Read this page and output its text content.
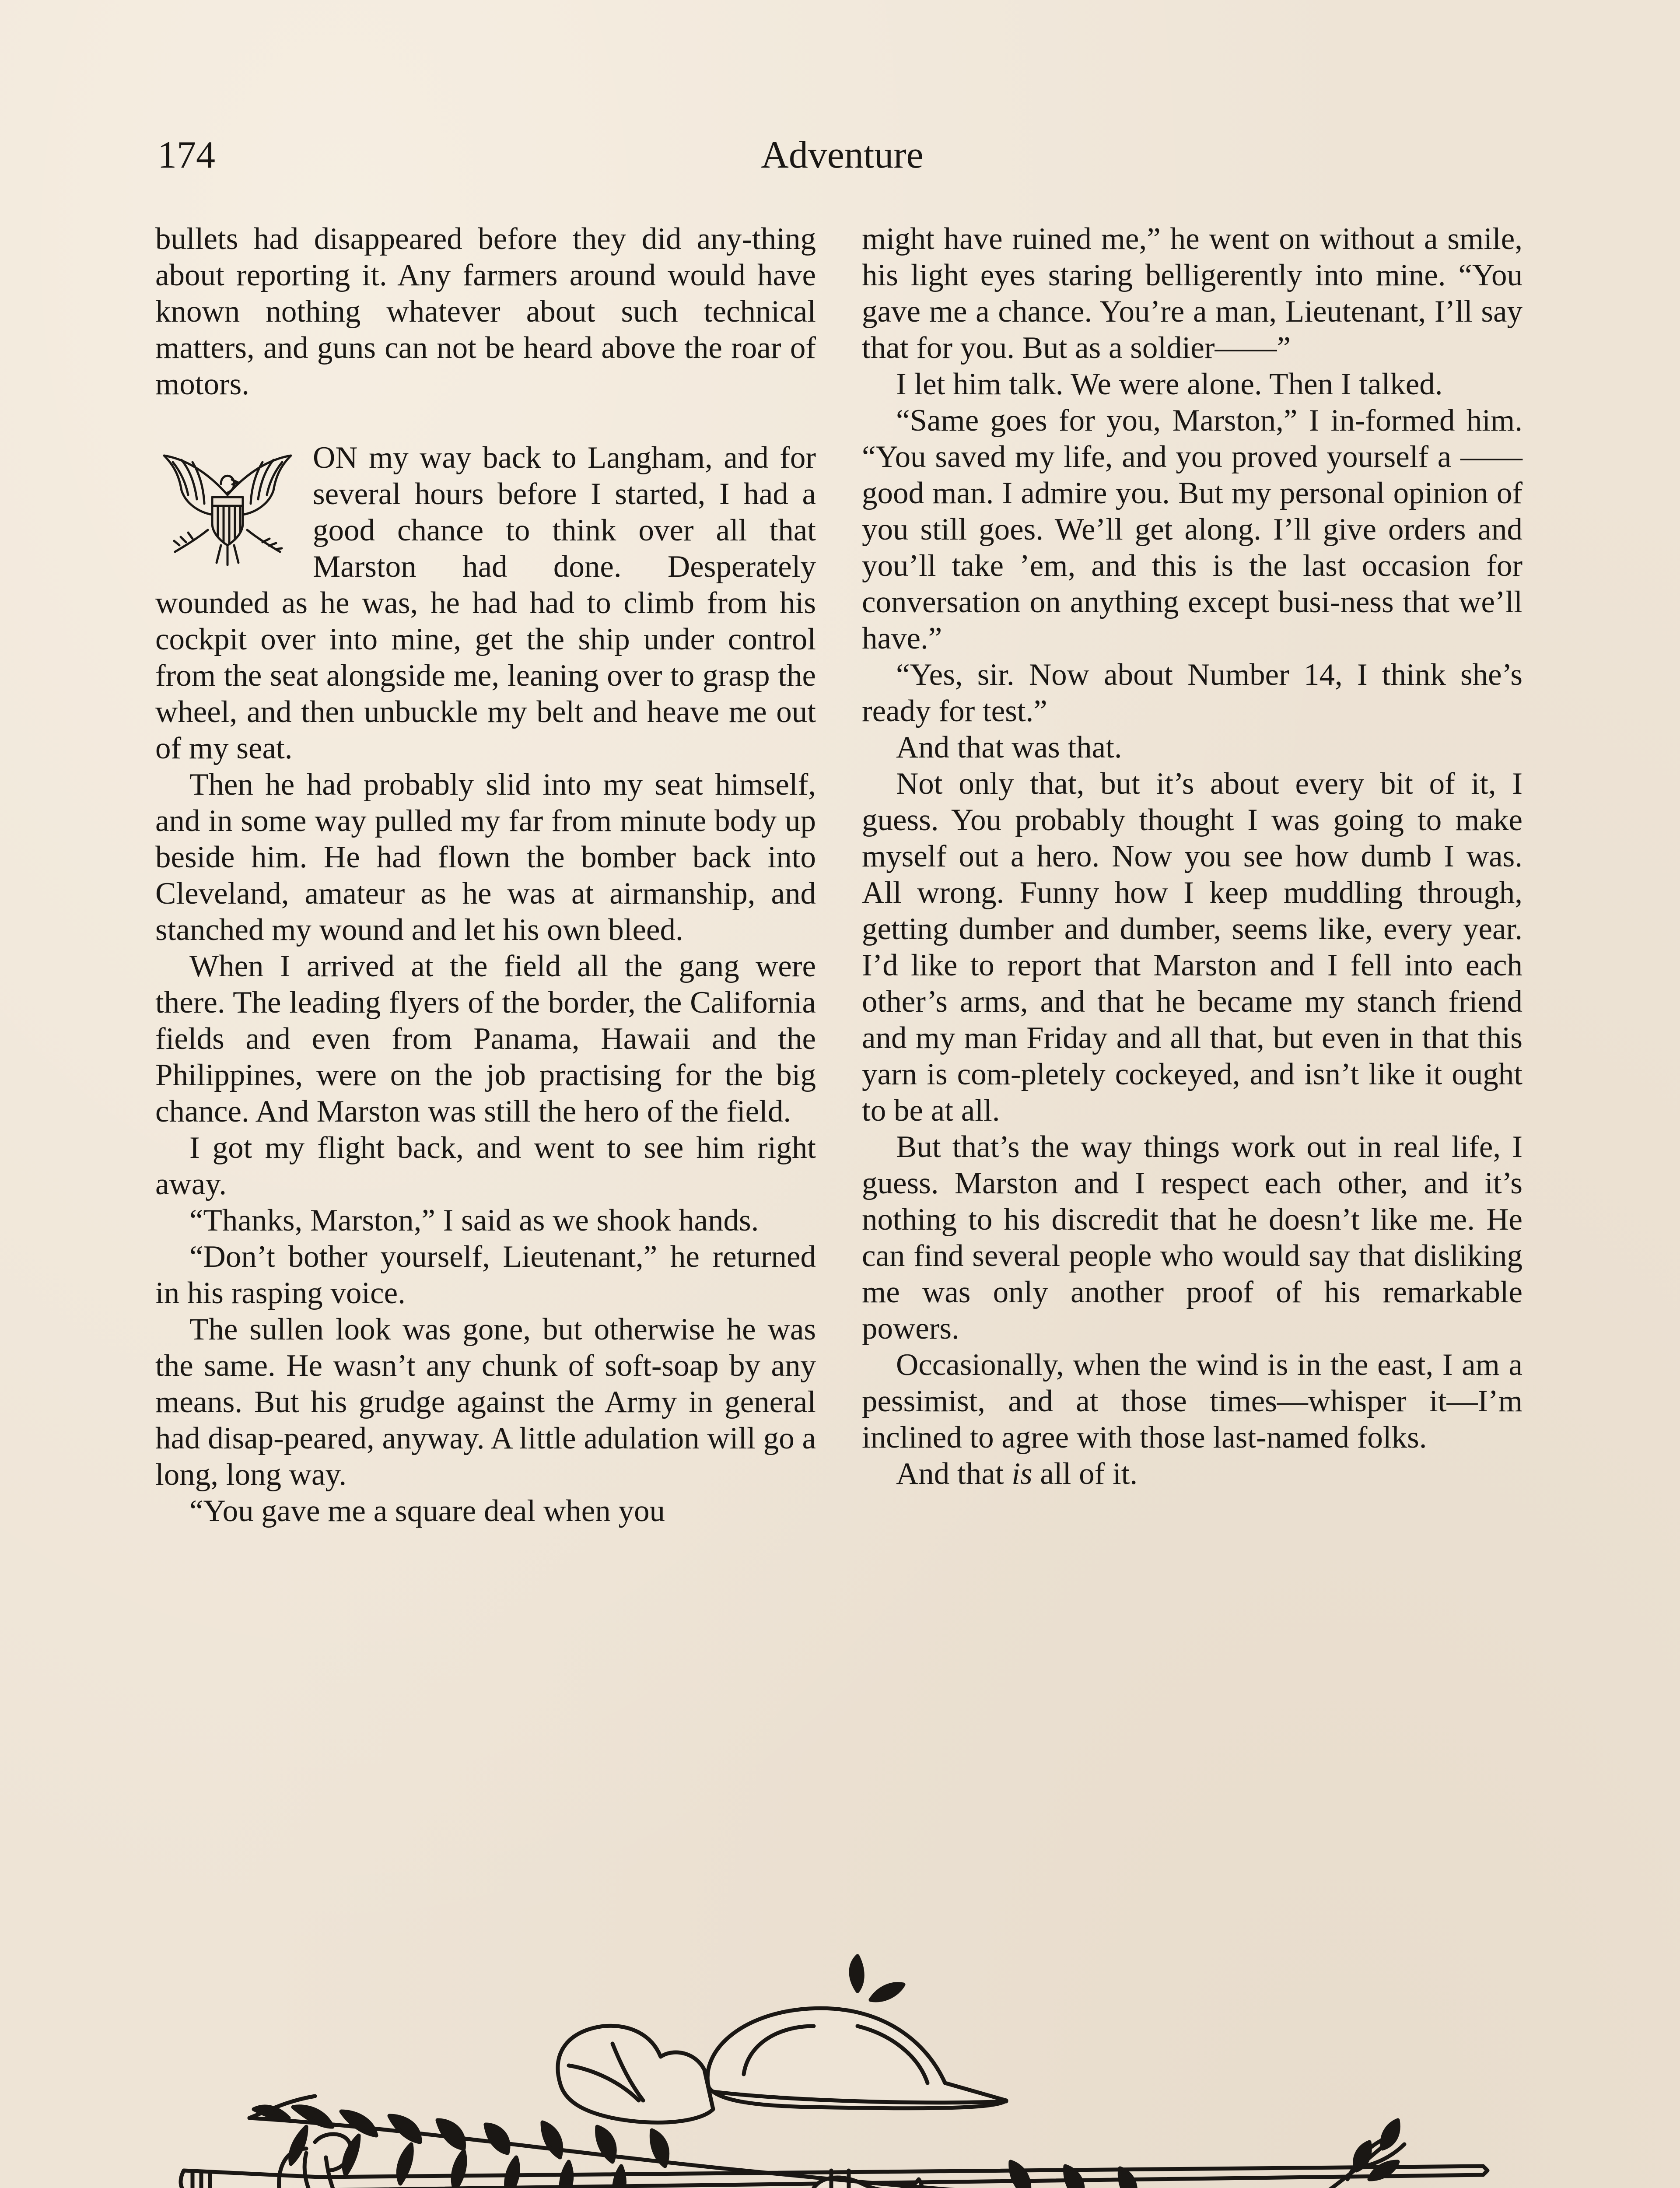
174	Adventure

bullets had disappeared before they did any-thing about reporting it. Any farmers around would have known nothing whatever about such technical matters, and guns can not be heard above the roar of motors.

ON my way back to Langham, and for several hours before I started, I had a good chance to think over all that Marston had done. Desperately wounded as he was, he had had to climb from his cockpit over into mine, get the ship under control from the seat alongside me, leaning over to grasp the wheel, and then unbuckle my belt and heave me out of my seat.

Then he had probably slid into my seat himself, and in some way pulled my far from minute body up beside him. He had flown the bomber back into Cleveland, amateur as he was at airmanship, and stanched my wound and let his own bleed.

When I arrived at the field all the gang were there. The leading flyers of the border, the California fields and even from Panama, Hawaii and the Philippines, were on the job practising for the big chance. And Marston was still the hero of the field.

I got my flight back, and went to see him right away.

“Thanks, Marston,” I said as we shook hands.

“Don’t bother yourself, Lieutenant,” he returned in his rasping voice.

The sullen look was gone, but otherwise he was the same. He wasn’t any chunk of soft-soap by any means. But his grudge against the Army in general had disap-peared, anyway. A little adulation will go a long, long way.

“You gave me a square deal when you

might have ruined me,” he went on without a smile, his light eyes staring belligerently into mine. “You gave me a chance. You’re a man, Lieutenant, I’ll say that for you. But as a soldier——”

I let him talk. We were alone. Then I talked.

“Same goes for you, Marston,” I in-formed him. “You saved my life, and you proved yourself a —— good man. I admire you. But my personal opinion of you still goes. We’ll get along. I’ll give orders and you’ll take ’em, and this is the last occasion for conversation on anything except busi-ness that we’ll have.”

“Yes, sir. Now about Number 14, I think she’s ready for test.”

And that was that.

Not only that, but it’s about every bit of it, I guess. You probably thought I was going to make myself out a hero. Now you see how dumb I was. All wrong. Funny how I keep muddling through, getting dumber and dumber, seems like, every year. I’d like to report that Marston and I fell into each other’s arms, and that he became my stanch friend and my man Friday and all that, but even in that this yarn is com-pletely cockeyed, and isn’t like it ought to be at all.

But that’s the way things work out in real life, I guess. Marston and I respect each other, and it’s nothing to his discredit that he doesn’t like me. He can find several people who would say that disliking me was only another proof of his remarkable powers.

Occasionally, when the wind is in the east, I am a pessimist, and at those times—whisper it—I’m inclined to agree with those last-named folks.

And that is all of it.
